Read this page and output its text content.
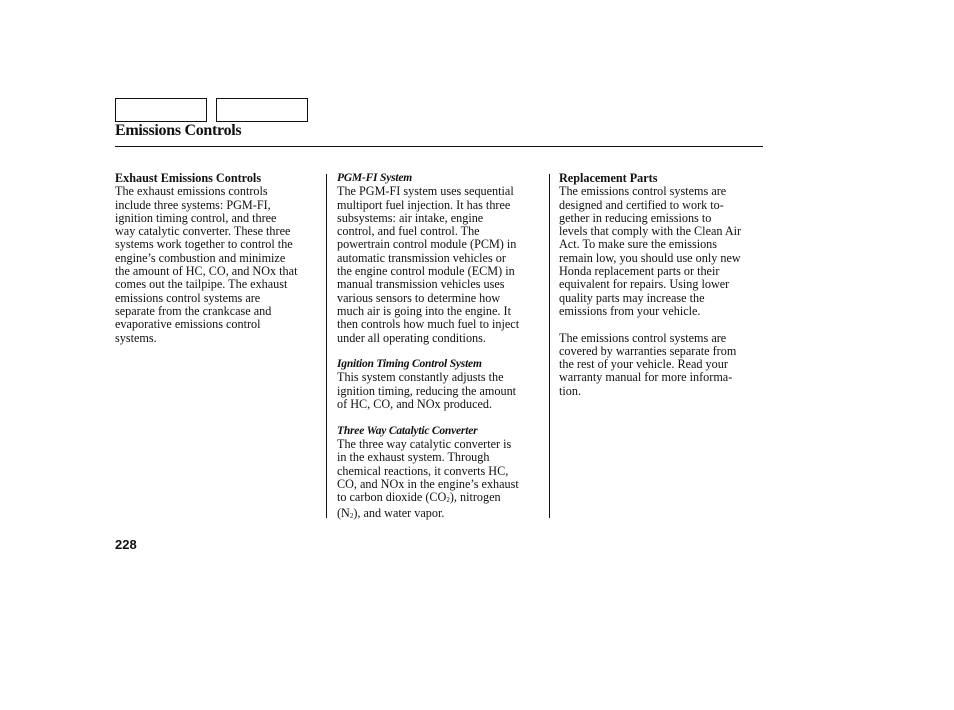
Emissions Controls
Exhaust Emissions Controls
The exhaust emissions controls
include three systems: PGM-FI,
ignition timing control, and three
way catalytic converter. These three
systems work together to control the
engine’s combustion and minimize
the amount of HC, CO, and NOx that
comes out the tailpipe. The exhaust
emissions control systems are
separate from the crankcase and
evaporative emissions control
systems.
PGM-FI System
The PGM-FI system uses sequential
multiport fuel injection. It has three
subsystems: air intake, engine
control, and fuel control. The
powertrain control module (PCM) in
automatic transmission vehicles or
the engine control module (ECM) in
manual transmission vehicles uses
various sensors to determine how
much air is going into the engine. It
then controls how much fuel to inject
under all operating conditions.
Ignition Timing Control System
This system constantly adjusts the
ignition timing, reducing the amount
of HC, CO, and NOx produced.
Three Way Catalytic Converter
The three way catalytic converter is
in the exhaust system. Through
chemical reactions, it converts HC,
CO, and NOx in the engine’s exhaust
to carbon dioxide (CO2), nitrogen
(N2), and water vapor.
Replacement Parts
The emissions control systems are
designed and certified to work to-
gether in reducing emissions to
levels that comply with the Clean Air
Act. To make sure the emissions
remain low, you should use only new
Honda replacement parts or their
equivalent for repairs. Using lower
quality parts may increase the
emissions from your vehicle.
The emissions control systems are
covered by warranties separate from
the rest of your vehicle. Read your
warranty manual for more informa-
tion.
228
